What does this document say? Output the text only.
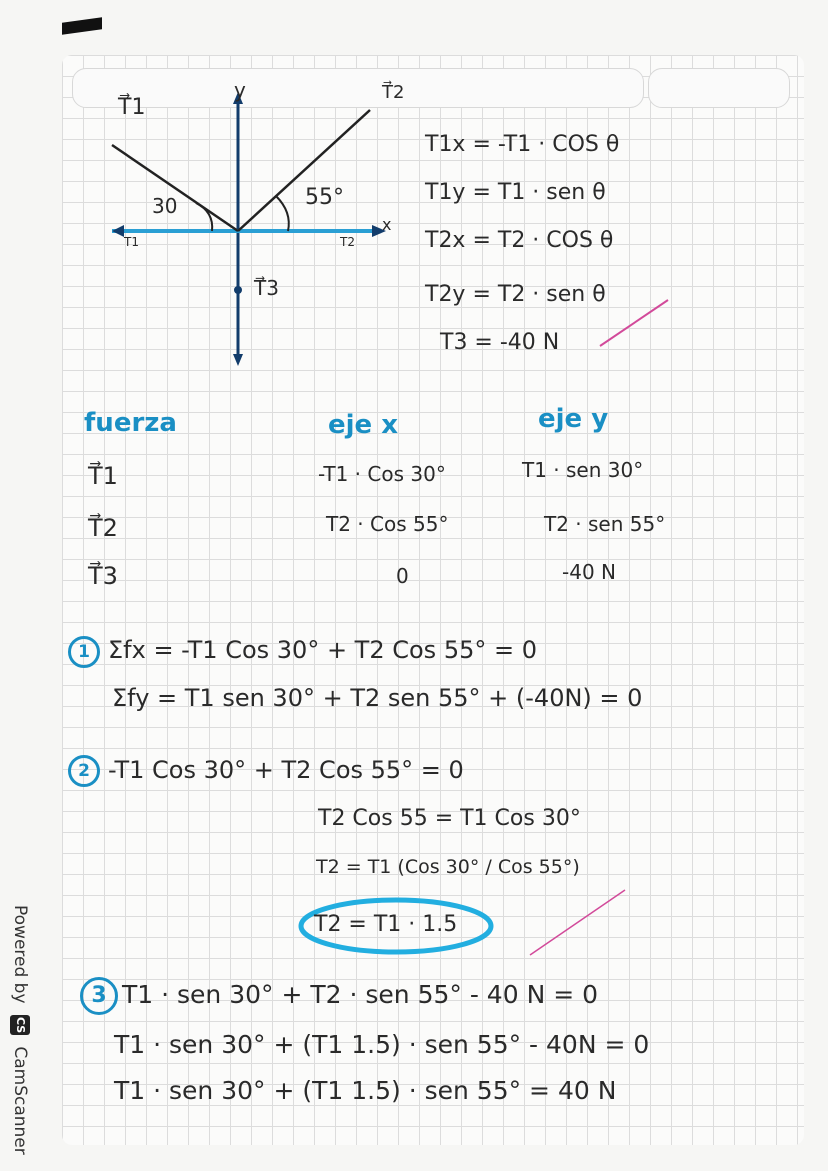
T⃗1
y	T⃗2
30	55°
x
T1	T2
T⃗3
T1x = -T1 · COS θ
T1y = T1 · sen θ
T2x = T2 · COS θ
T2y = T2 · sen θ
T3 = -40 N
fuerza	eje x	eje y
T⃗1	-T1 · Cos 30°	T1 · sen 30°
T⃗2	T2 · Cos 55°	T2 · sen 55°
T⃗3	0	-40 N
1 Σfx = -T1 Cos 30° + T2 Cos 55° = 0
Σfy = T1 sen 30° + T2 sen 55° + (-40N) = 0
2 -T1 Cos 30° + T2 Cos 55° = 0
T2 Cos 55 = T1 Cos 30°
T2 = T1 (Cos 30° / Cos 55°)
T2 = T1 · 1.5
3 T1 · sen 30° + T2 · sen 55° - 40 N = 0
T1 · sen 30° + (T1 1.5) · sen 55° - 40N = 0
T1 · sen 30° + (T1 1.5) · sen 55° = 40 N
Powered by CS CamScanner
